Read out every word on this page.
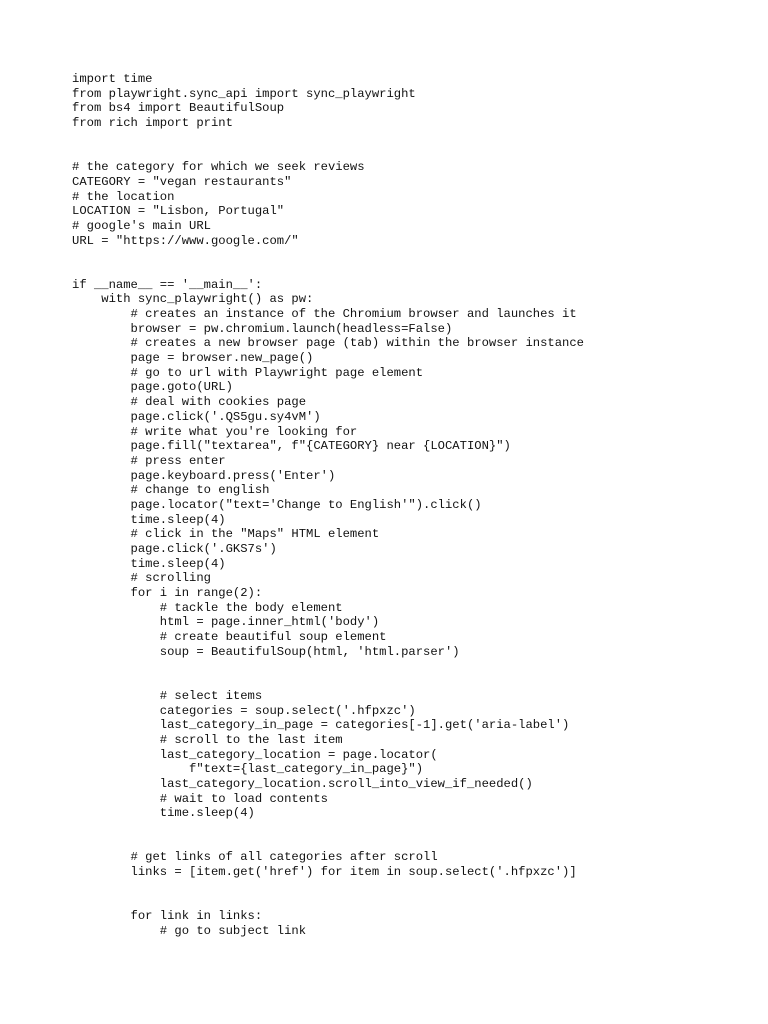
import time
from playwright.sync_api import sync_playwright
from bs4 import BeautifulSoup
from rich import print
# the category for which we seek reviews
CATEGORY = "vegan restaurants"
# the location
LOCATION = "Lisbon, Portugal"
# google's main URL
URL = "https://www.google.com/"
if __name__ == '__main__':
with sync_playwright() as pw:
# creates an instance of the Chromium browser and launches it
browser = pw.chromium.launch(headless=False)
# creates a new browser page (tab) within the browser instance
page = browser.new_page()
# go to url with Playwright page element
page.goto(URL)
# deal with cookies page
page.click('.QS5gu.sy4vM')
# write what you're looking for
page.fill("textarea", f"{CATEGORY} near {LOCATION}")
# press enter
page.keyboard.press('Enter')
# change to english
page.locator("text='Change to English'").click()
time.sleep(4)
# click in the "Maps" HTML element
page.click('.GKS7s')
time.sleep(4)
# scrolling
for i in range(2):
# tackle the body element
html = page.inner_html('body')
# create beautiful soup element
soup = BeautifulSoup(html, 'html.parser')
# select items
categories = soup.select('.hfpxzc')
last_category_in_page = categories[-1].get('aria-label')
# scroll to the last item
last_category_location = page.locator(
f"text={last_category_in_page}")
last_category_location.scroll_into_view_if_needed()
# wait to load contents
time.sleep(4)
# get links of all categories after scroll
links = [item.get('href') for item in soup.select('.hfpxzc')]
for link in links:
# go to subject link
